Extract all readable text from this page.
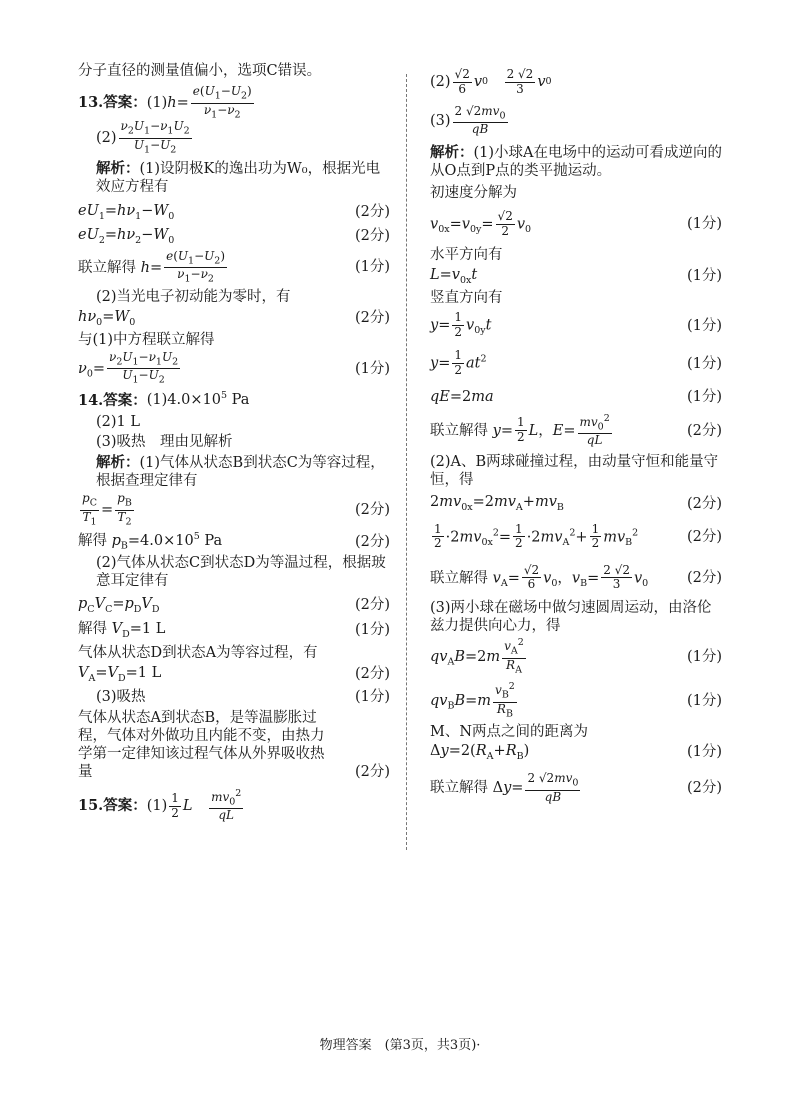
分子直径的测量值偏小，选项C错误。

13.答案： $(1)h= \frac{e(U_1-U_2)}{\nu_1-\nu_2}$
$(2) \frac{\nu_2U_1-\nu_1U_2}{U_1-U_2}$

解析：(1)设阴极K的逸出功为W₀，根据光电效应方程有

$eU_1=h\nu_1-W_0$	(2分)
$eU_2=h\nu_2-W_0$	(2分)
联立解得 $h= \frac{e(U_1-U_2)}{\nu_1-\nu_2}$	(1分)

(2)当光电子初动能为零时，有

$h\nu_0=W_0$	(2分)

与(1)中方程联立解得

$\nu_0= \frac{\nu_2U_1-\nu_1U_2}{U_1-U_2}$	(1分)
14.答案：$(1)4.0\times 10^5$ Pa

(2)1 L

(3)吸热　理由见解析

解析：(1)气体从状态B到状态C为等容过程，根据查理定律有

$\frac{p_C}{T_1} = \frac{p_B}{T_2}$	(2分)
解得 $p_B=4.0\times 10^5$ Pa	(2分)

(2)气体从状态C到状态D为等温过程，根据玻意耳定律有

$p_CV_C=p_DV_D$	(2分)
解得 $V_D=1$ L	(1分)

气体从状态D到状态A为等容过程，有

$V_A=V_D=1$ L	(2分)
(3)吸热	(1分)

气体从状态A到状态B，是等温膨胀过程，气体对外做功且内能不变，由热力学第一定律知该过程气体从外界吸收热量	(2分)
15.答案： $(1) \frac{1}{2}$ L　 $\frac{mv_0^2}{qL}$
$(2) \frac{√2}{6}$ v 0
　 $\frac{2 √2}{3}$ v 0
$(3) \frac{2 √2mv_0}{qB}$

解析：(1)小球A在电场中的运动可看成逆向的从O点到P点的类平抛运动。

初速度分解为

$v_{0x}=v_{0y}= \frac{√2}{2} v_0$	(1分)

水平方向有

$L=v_{0x}t$	(1分)

竖直方向有

$y= \frac{1}{2} v_{0y}t$	(1分)
$y= \frac{1}{2} at^2$	(1分)
qE=2ma	(1分)
联立解得 $y= \frac{1}{2}$ L，$E= \frac{mv_0^2}{qL}$	(2分)

(2)A、B两球碰撞过程，由动量守恒和能量守恒，得

$2mv_{0x}=2mv_A+mv_B$	(2分)
$\frac{1}{2} \cdot 2mv_{0x}^2= \frac{1}{2} \cdot 2mv_A^2+ \frac{1}{2} mv_B^2$	(2分)
联立解得 $v_A= \frac{√2}{6} v_0$，$v_B= \frac{2 √2}{3} v_0$	(2分)

(3)两小球在磁场中做匀速圆周运动，由洛伦兹力提供向心力，得

$qv_AB=2m \frac{v_A^2}{R_A}$	(1分)
$qv_BB=m \frac{v_B^2}{R_B}$	(1分)

M、N两点之间的距离为

$\Delta y=2(R_A+R_B)$	(1分)
联立解得 $\Delta y= \frac{2 √2mv_0}{qB}$	(2分)
物理答案　(第3页，共3页)·
